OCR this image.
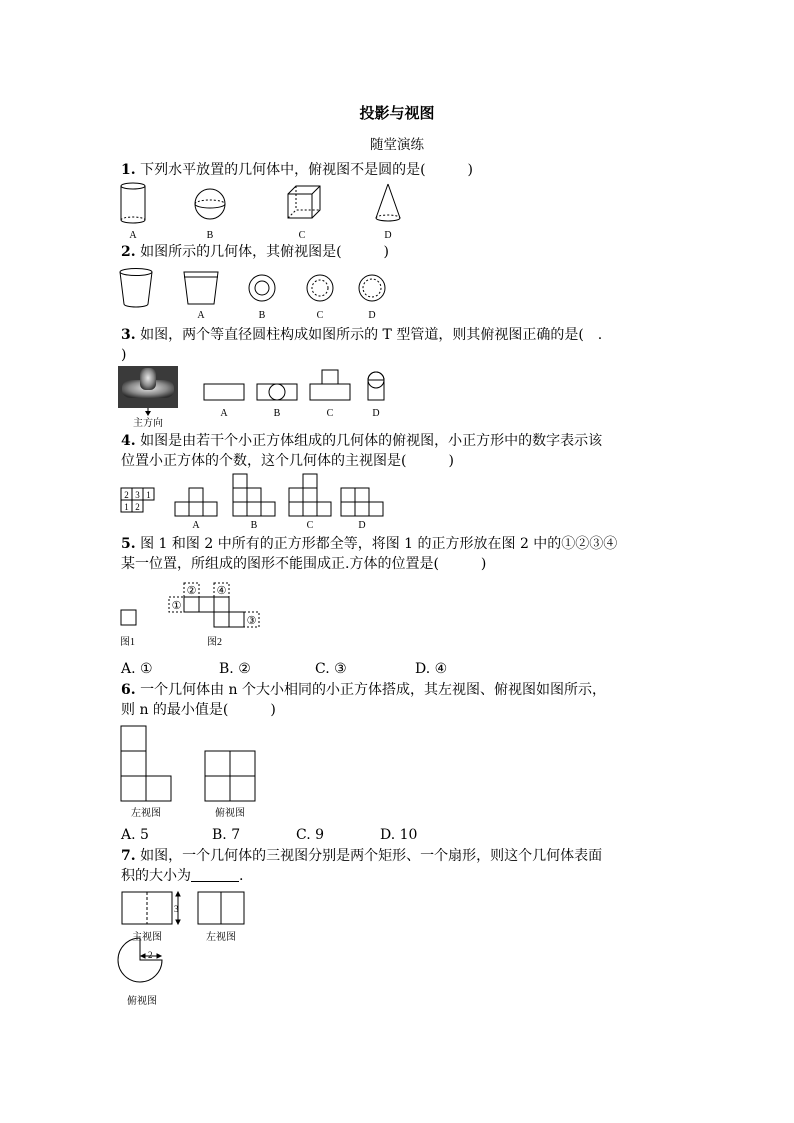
投影与视图
随堂演练
1. 下列水平放置的几何体中，俯视图不是圆的是(　　　)
A	B	C	D
2. 如图所示的几何体，其俯视图是(　　　)
A	B	C	D
3. 如图，两个等直径圆柱构成如图所示的 T 型管道，则其俯视图正确的是(　.
)
主方向
A	B	C	D
4. 如图是由若干个小正方体组成的几何体的俯视图，小正方形中的数字表示该
位置小正方体的个数，这个几何体的主视图是(　　　)
2 3 1
1 2
A	B	C	D
5. 图 1 和图 2 中所有的正方形都全等，将图 1 的正方形放在图 2 中的①②③④
某一位置，所组成的图形不能围成正.方体的位置是(　　　)
图1
①
②
③
④
图2
A. ①	B. ②	C. ③	D. ④
6. 一个几何体由 n 个大小相同的小正方体搭成，其左视图、俯视图如图所示，
则 n 的最小值是(　　　)
左视图	俯视图
A. 5	B. 7	C. 9	D. 10
7. 如图，一个几何体的三视图分别是两个矩形、一个扇形，则这个几何体表面
积的大小为	.
3
主视图	左视图
2
俯视图
